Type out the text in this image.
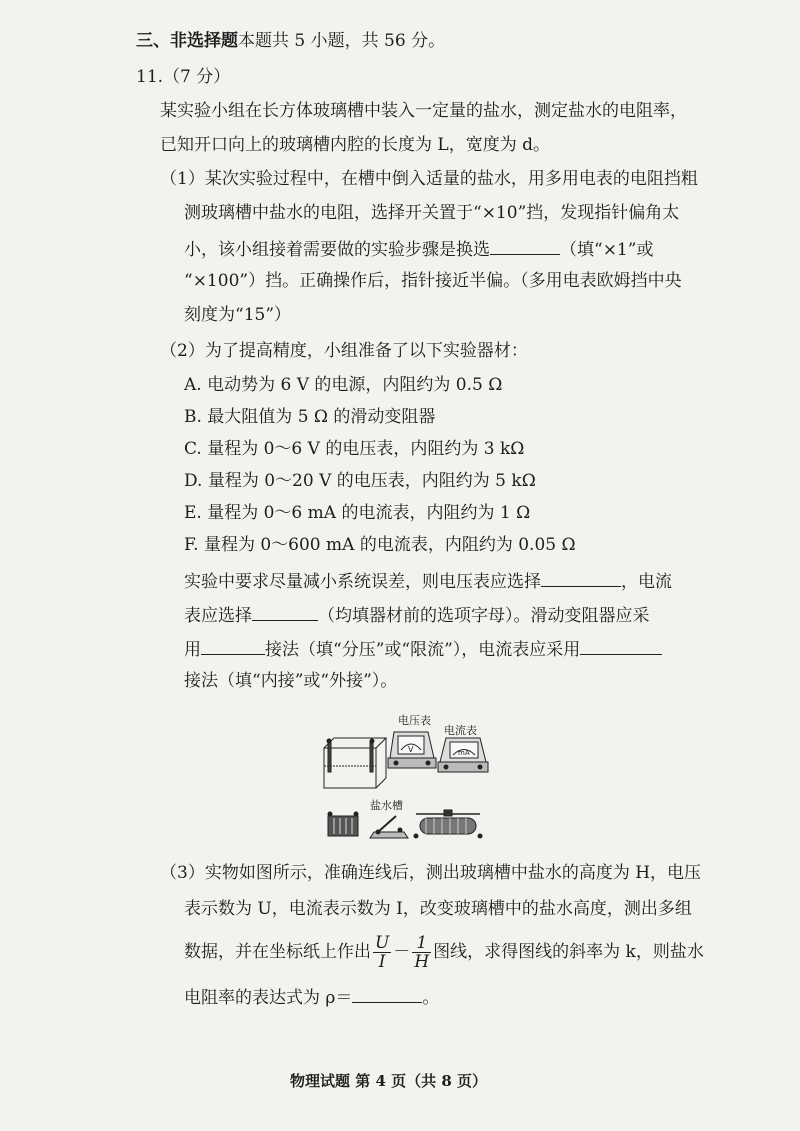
三、非选择题本题共 5 小题，共 56 分。
11.（7 分）
某实验小组在长方体玻璃槽中装入一定量的盐水，测定盐水的电阻率，
已知开口向上的玻璃槽内腔的长度为 L，宽度为 d。
（1）某次实验过程中，在槽中倒入适量的盐水，用多用电表的电阻挡粗
测玻璃槽中盐水的电阻，选择开关置于“×10”挡，发现指针偏角太
小，该小组接着需要做的实验步骤是换选	（填“×1”或
“×100”）挡。正确操作后，指针接近半偏。（多用电表欧姆挡中央
刻度为“15”）
（2）为了提高精度，小组准备了以下实验器材：
A. 电动势为 6 V 的电源，内阻约为 0.5 Ω
B. 最大阻值为 5 Ω 的滑动变阻器
C. 量程为 0～6 V 的电压表，内阻约为 3 kΩ
D. 量程为 0～20 V 的电压表，内阻约为 5 kΩ
E. 量程为 0～6 mA 的电流表，内阻约为 1 Ω
F. 量程为 0～600 mA 的电流表，内阻约为 0.05 Ω
实验中要求尽量减小系统误差，则电压表应选择	，电流
表应选择	（均填器材前的选项字母）。滑动变阻器应采
用	接法（填“分压”或“限流”），电流表应采用
接法（填“内接”或“外接”）。
电压表
电流表
盐水槽
V	mA
（3）实物如图所示，准确连线后，测出玻璃槽中盐水的高度为 H，电压
表示数为 U，电流表示数为 I，改变玻璃槽中的盐水高度，测出多组
数据，并在坐标纸上作出 $\frac{U}{I} - \frac{1}{H}$ 图线，求得图线的斜率为 k，则盐水
电阻率的表达式为 ρ＝	。
物理试题 第 4 页（共 8 页）
